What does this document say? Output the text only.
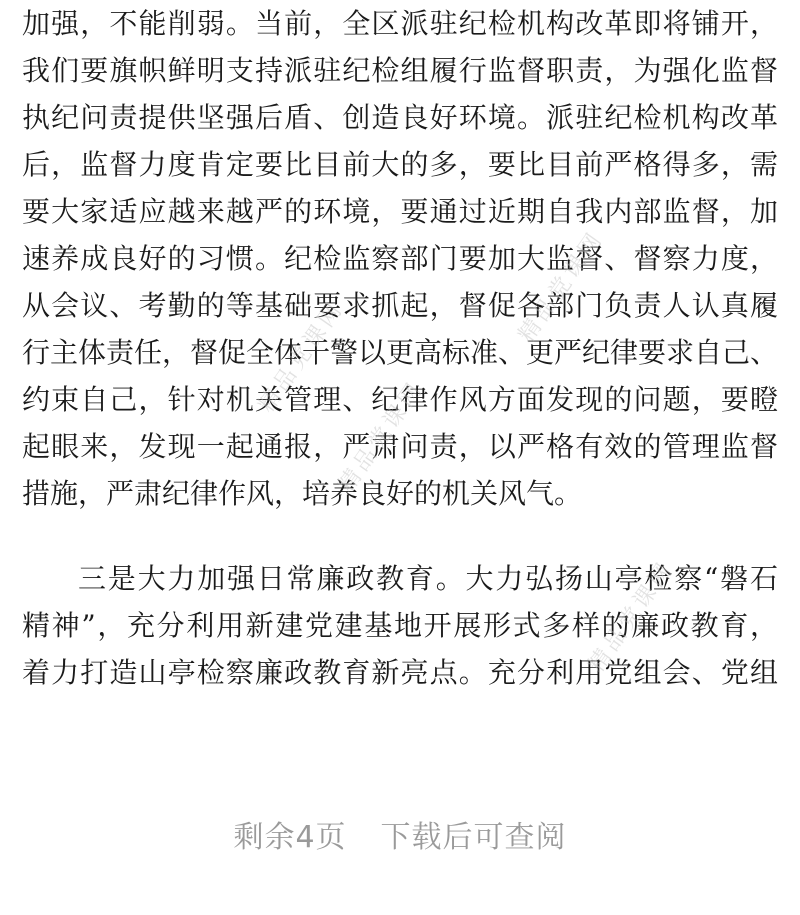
加强，不能削弱。当前，全区派驻纪检机构改革即将铺开，
我们要旗帜鲜明支持派驻纪检组履行监督职责，为强化监督
执纪问责提供坚强后盾、创造良好环境。派驻纪检机构改革
后，监督力度肯定要比目前大的多，要比目前严格得多，需
要大家适应越来越严的环境，要通过近期自我内部监督，加
速养成良好的习惯。纪检监察部门要加大监督、督察力度，
从会议、考勤的等基础要求抓起，督促各部门负责人认真履
行主体责任，督促全体干警以更高标准、更严纪律要求自己、
约束自己，针对机关管理、纪律作风方面发现的问题，要瞪
起眼来，发现一起通报，严肃问责，以严格有效的管理监督
措施，严肃纪律作风，培养良好的机关风气。
三是大力加强日常廉政教育。大力弘扬山亭检察“磐石
精神”，充分利用新建党建基地开展形式多样的廉政教育，
着力打造山亭检察廉政教育新亮点。充分利用党组会、党组
精品党课网
精品党课网
精品党课网
精品党课网
剩余4页 下载后可查阅
